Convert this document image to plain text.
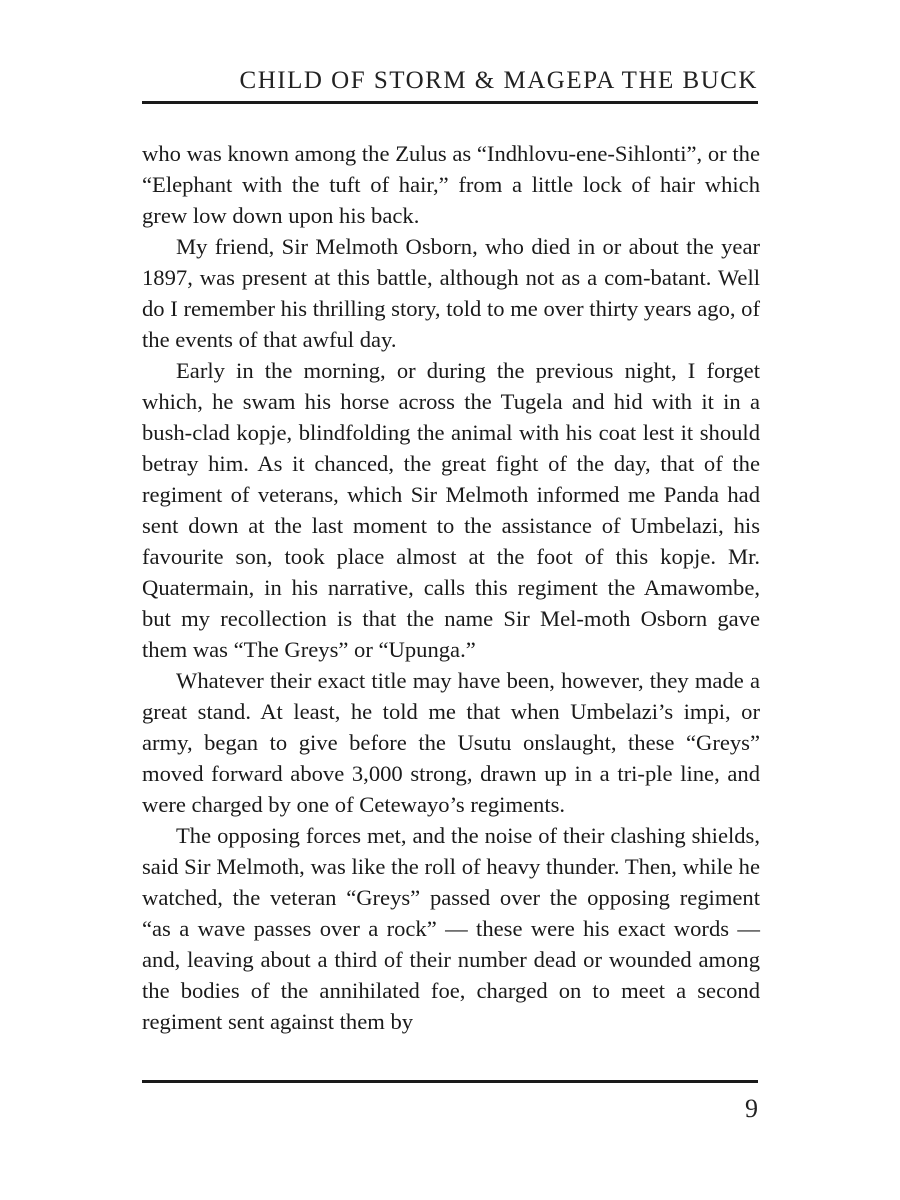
CHILD OF STORM & MAGEPA THE BUCK

who was known among the Zulus as “Indhlovu-ene-Sihlonti”, or the “Elephant with the tuft of hair,” from a little lock of hair which grew low down upon his back.

My friend, Sir Melmoth Osborn, who died in or about the year 1897, was present at this battle, although not as a com-batant. Well do I remember his thrilling story, told to me over thirty years ago, of the events of that awful day.

Early in the morning, or during the previous night, I forget which, he swam his horse across the Tugela and hid with it in a bush-clad kopje, blindfolding the animal with his coat lest it should betray him. As it chanced, the great fight of the day, that of the regiment of veterans, which Sir Melmoth informed me Panda had sent down at the last moment to the assistance of Umbelazi, his favourite son, took place almost at the foot of this kopje. Mr. Quatermain, in his narrative, calls this regiment the Amawombe, but my recollection is that the name Sir Mel-moth Osborn gave them was “The Greys” or “Upunga.”

Whatever their exact title may have been, however, they made a great stand. At least, he told me that when Umbelazi’s impi, or army, began to give before the Usutu onslaught, these “Greys” moved forward above 3,000 strong, drawn up in a tri-ple line, and were charged by one of Cetewayo’s regiments.

The opposing forces met, and the noise of their clashing shields, said Sir Melmoth, was like the roll of heavy thunder. Then, while he watched, the veteran “Greys” passed over the opposing regiment “as a wave passes over a rock” — these were his exact words — and, leaving about a third of their number dead or wounded among the bodies of the annihilated foe, charged on to meet a second regiment sent against them by

9
